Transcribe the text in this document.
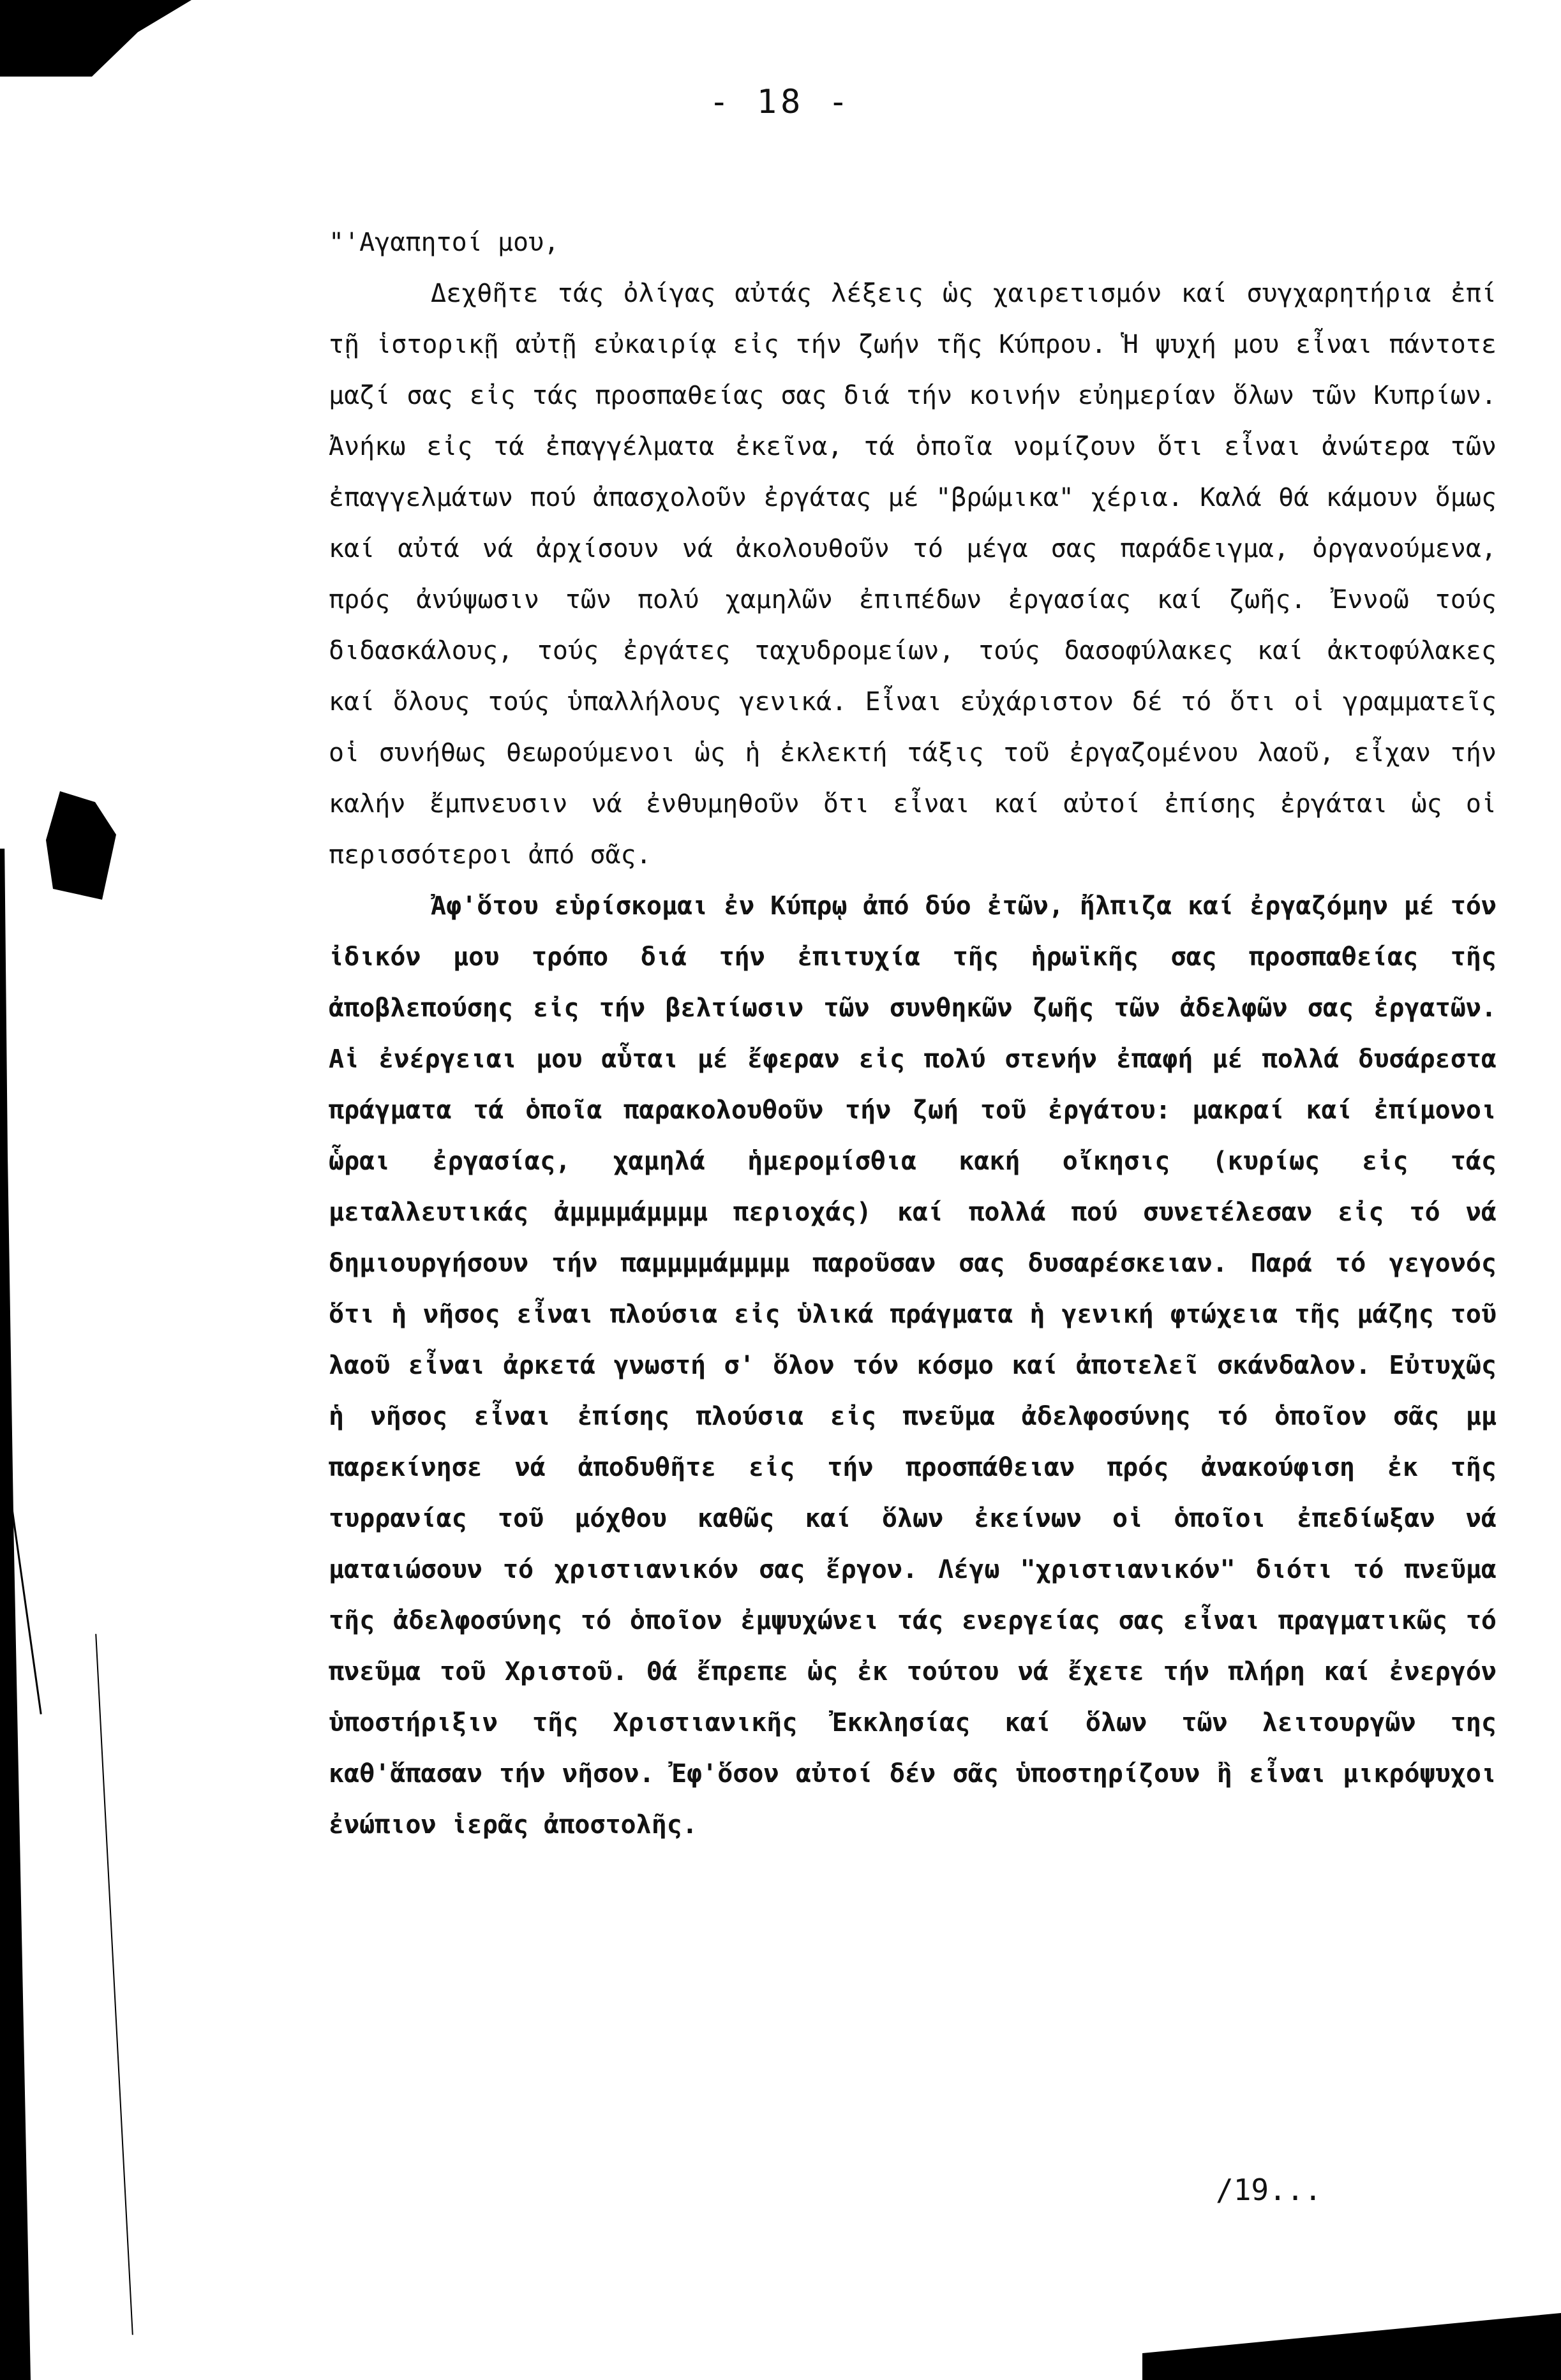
- 18 -

"'Αγαπητοί μου,

Δεχθῆτε τάς ὀλίγας αὐτάς λέξεις ὡς χαιρετισμόν καί συγχαρητήρια ἐπί τῇ ἱστορικῇ αὐτῇ εὐκαιρίᾳ εἰς τήν ζωήν τῆς Κύπρου. Ἡ ψυχή μου εἶναι πάντοτε μαζί σας εἰς τάς προσπαθείας σας διά τήν κοινήν εὐημερίαν ὅλων τῶν Κυπρίων. Ἀνήκω εἰς τά ἐπαγγέλματα ἐκεῖνα, τά ὁποῖα νομίζουν ὅτι εἶναι ἀνώτερα τῶν ἐπαγγελμάτων πού ἀπασχολοῦν ἐργάτας μέ "βρώμικα" χέρια. Καλά θά κάμουν ὅμως καί αὐτά νά ἀρχίσουν νά ἀκολουθοῦν τό μέγα σας παράδειγμα, ὀργανούμενα, πρός ἀνύψωσιν τῶν πολύ χαμηλῶν ἐπιπέδων ἐργασίας καί ζωῆς. Ἐννοῶ τούς διδασκάλους, τούς ἐργάτες ταχυδρομείων, τούς δασοφύλακες καί ἀκτοφύλακες καί ὅλους τούς ὑπαλλήλους γενικά. Εἶναι εὐχάριστον δέ τό ὅτι οἱ γραμματεῖς οἱ συνήθως θεωρούμενοι ὡς ἡ ἐκλεκτή τάξις τοῦ ἐργαζομένου λαοῦ, εἶχαν τήν καλήν ἔμπνευσιν νά ἐνθυμηθοῦν ὅτι εἶναι καί αὐτοί ἐπίσης ἐργάται ὡς οἱ περισσότεροι ἀπό σᾶς.

Ἀφ'ὅτου εὑρίσκομαι ἐν Κύπρῳ ἀπό δύο ἐτῶν, ἤλπιζα καί ἐργαζόμην μέ τόν ἰδικόν μου τρόπο διά τήν ἐπιτυχία τῆς ἡρωϊκῆς σας προσπαθείας τῆς ἀποβλεπούσης εἰς τήν βελτίωσιν τῶν συνθηκῶν ζωῆς τῶν ἀδελφῶν σας ἐργατῶν. Αἱ ἐνέργειαι μου αὗται μέ ἔφεραν εἰς πολύ στενήν ἐπαφή μέ πολλά δυσάρεστα πράγματα τά ὁποῖα παρακολουθοῦν τήν ζωή τοῦ ἐργάτου: μακραί καί ἐπίμονοι ὧραι ἐργασίας, χαμηλά ἡμερομίσθια κακή οἴκησις (κυρίως εἰς τάς μεταλλευτικάς ἀμμμμάμμμμ περιοχάς) καί πολλά πού συνετέλεσαν εἰς τό νά δημιουργήσουν τήν παμμμμάμμμμ παροῦσαν σας δυσαρέσκειαν. Παρά τό γεγονός ὅτι ἡ νῆσος εἶναι πλούσια εἰς ὑλικά πράγματα ἡ γενική φτώχεια τῆς μάζης τοῦ λαοῦ εἶναι ἀρκετά γνωστή σ' ὅλον τόν κόσμο καί ἀποτελεῖ σκάνδαλον. Εὐτυχῶς ἡ νῆσος εἶναι ἐπίσης πλούσια εἰς πνεῦμα ἀδελφοσύνης τό ὁποῖον σᾶς μμ παρεκίνησε νά ἀποδυθῆτε εἰς τήν προσπάθειαν πρός ἀνακούφιση ἐκ τῆς τυρρανίας τοῦ μόχθου καθῶς καί ὅλων ἐκείνων οἱ ὁποῖοι ἐπεδίωξαν νά ματαιώσουν τό χριστιανικόν σας ἔργον. Λέγω "χριστιανικόν" διότι τό πνεῦμα τῆς ἀδελφοσύνης τό ὁποῖον ἐμψυχώνει τάς ενεργείας σας εἶναι πραγματικῶς τό πνεῦμα τοῦ Χριστοῦ. Θά ἔπρεπε ὡς ἐκ τούτου νά ἔχετε τήν πλήρη καί ἐνεργόν ὑποστήριξιν τῆς Χριστιανικῆς Ἐκκλησίας καί ὅλων τῶν λειτουργῶν της καθ'ἅπασαν τήν νῆσον. Ἐφ'ὅσον αὐτοί δέν σᾶς ὑποστηρίζουν ἢ εἶναι μικρόψυχοι ἐνώπιον ἱερᾶς ἀποστολῆς.

/19...
